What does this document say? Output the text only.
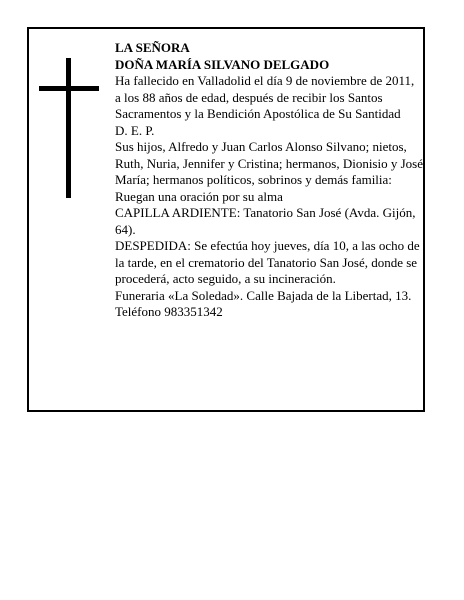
LA SEÑORA

DOÑA MARÍA SILVANO DELGADO

Ha fallecido en Valladolid el día 9 de noviembre de 2011, a los 88 años de edad, después de recibir los Santos Sacramentos y la Bendición Apostólica de Su Santidad

D. E. P.

Sus hijos, Alfredo y Juan Carlos Alonso Silvano; nietos, Ruth, Nuria, Jennifer y Cristina; hermanos, Dionisio y José María; hermanos políticos, sobrinos y demás familia:

Ruegan una oración por su alma

CAPILLA ARDIENTE: Tanatorio San José (Avda. Gijón, 64).

DESPEDIDA: Se efectúa hoy jueves, día 10, a las ocho de la tarde, en el crematorio del Tanatorio San José, donde se procederá, acto seguido, a su incineración.

Funeraria «La Soledad». Calle Bajada de la Libertad, 13.

Teléfono 983351342
